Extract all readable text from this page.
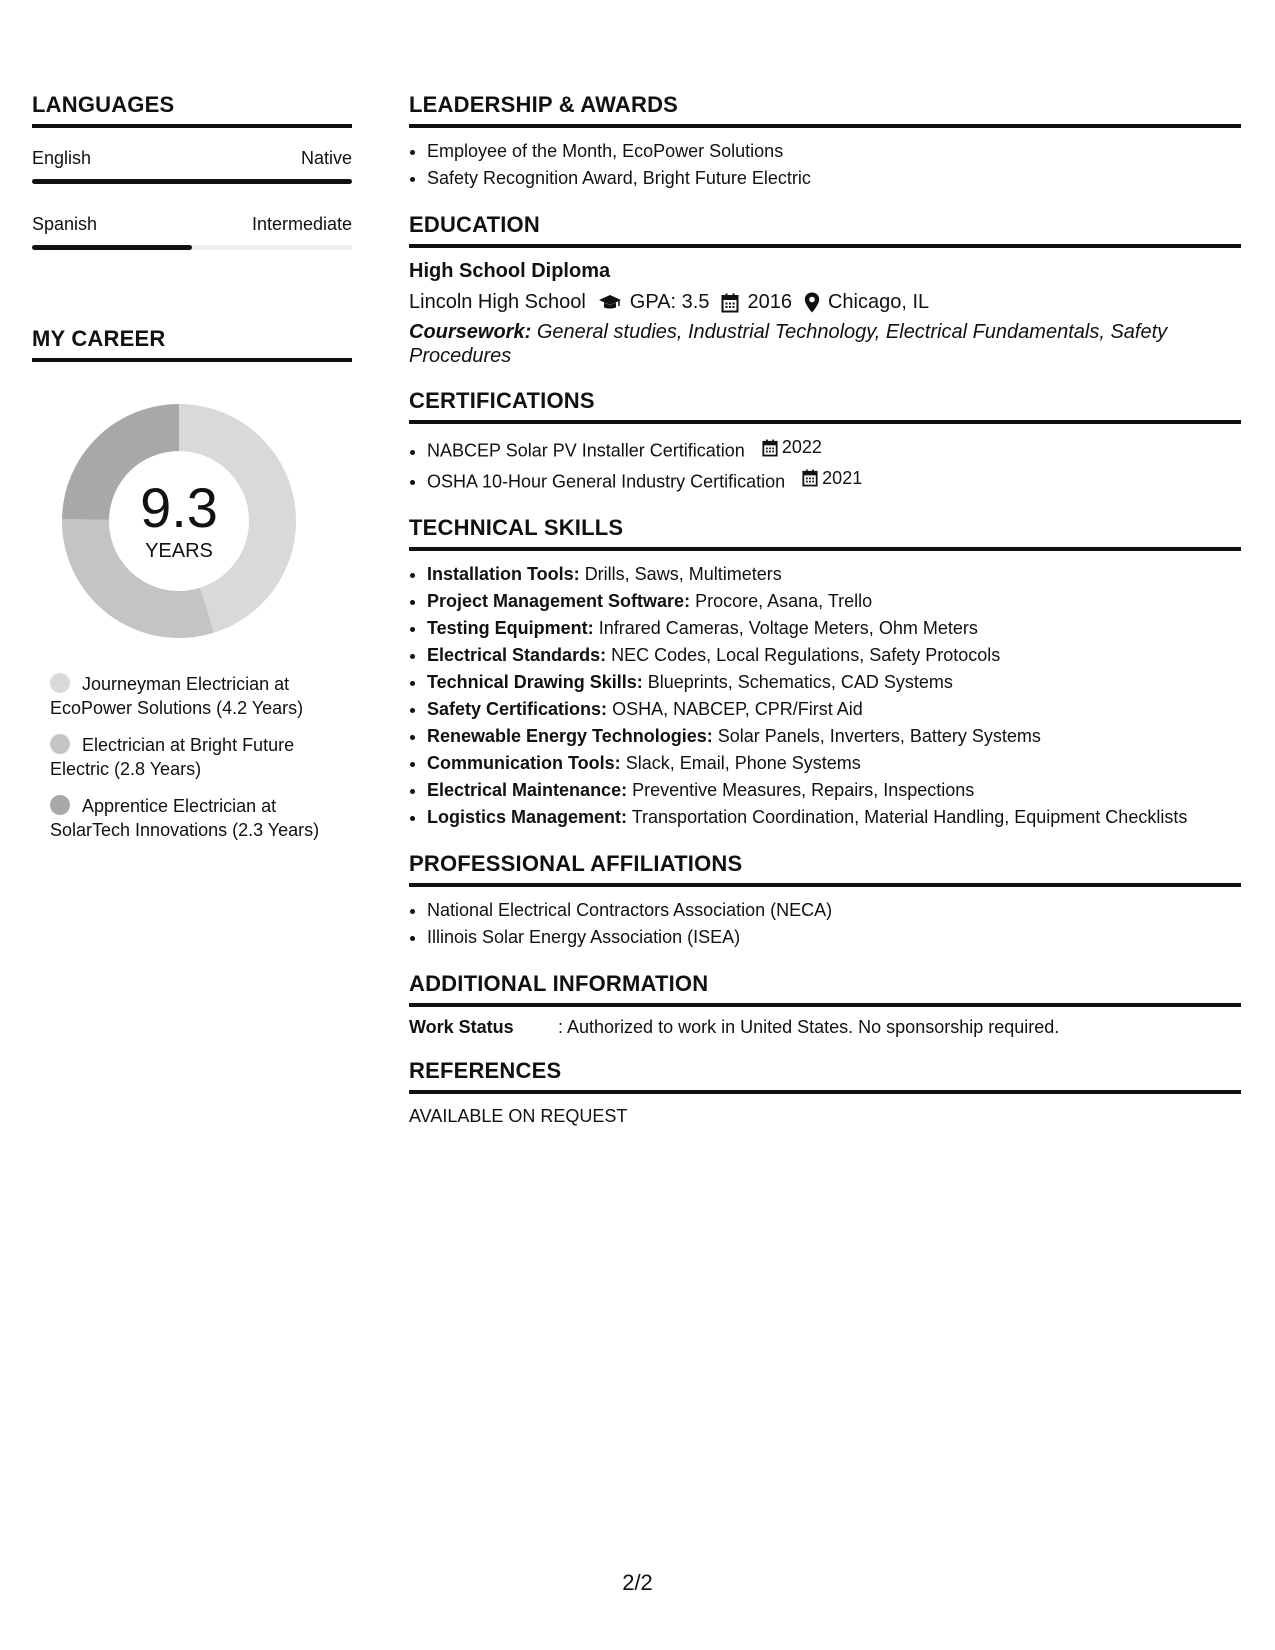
LANGUAGES
English	Native
Spanish	Intermediate
MY CAREER
9.3
YEARS
Journeyman Electrician at EcoPower Solutions (4.2 Years)
Electrician at Bright Future Electric (2.8 Years)
Apprentice Electrician at SolarTech Innovations (2.3 Years)
LEADERSHIP & AWARDS
• Employee of the Month, EcoPower Solutions
• Safety Recognition Award, Bright Future Electric
EDUCATION
High School Diploma
Lincoln High School GPA: 3.5 2016 Chicago, IL
Coursework: General studies, Industrial Technology, Electrical Fundamentals, Safety Procedures
CERTIFICATIONS
• NABCEP Solar PV Installer Certification 2022
• OSHA 10-Hour General Industry Certification 2021
TECHNICAL SKILLS
• Installation Tools: Drills, Saws, Multimeters
• Project Management Software: Procore, Asana, Trello
• Testing Equipment: Infrared Cameras, Voltage Meters, Ohm Meters
• Electrical Standards: NEC Codes, Local Regulations, Safety Protocols
• Technical Drawing Skills: Blueprints, Schematics, CAD Systems
• Safety Certifications: OSHA, NABCEP, CPR/First Aid
• Renewable Energy Technologies: Solar Panels, Inverters, Battery Systems
• Communication Tools: Slack, Email, Phone Systems
• Electrical Maintenance: Preventive Measures, Repairs, Inspections
• Logistics Management: Transportation Coordination, Material Handling, Equipment Checklists
PROFESSIONAL AFFILIATIONS
• National Electrical Contractors Association (NECA)
• Illinois Solar Energy Association (ISEA)
ADDITIONAL INFORMATION
Work Status	: Authorized to work in United States. No sponsorship required.
REFERENCES
AVAILABLE ON REQUEST
2/2
